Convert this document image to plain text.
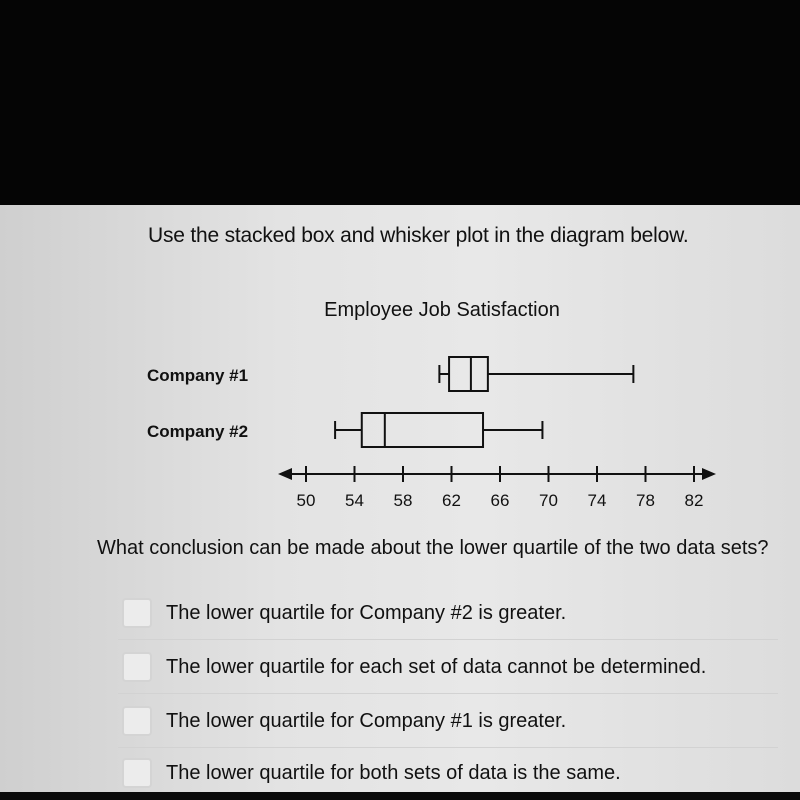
Use the stacked box and whisker plot in the diagram below.
Employee Job Satisfaction
Company #1
Company #2
50 54 58 62 66 70 74 78 82
What conclusion can be made about the lower quartile of the two data sets?
The lower quartile for Company #2 is greater.
The lower quartile for each set of data cannot be determined.
The lower quartile for Company #1 is greater.
The lower quartile for both sets of data is the same.
